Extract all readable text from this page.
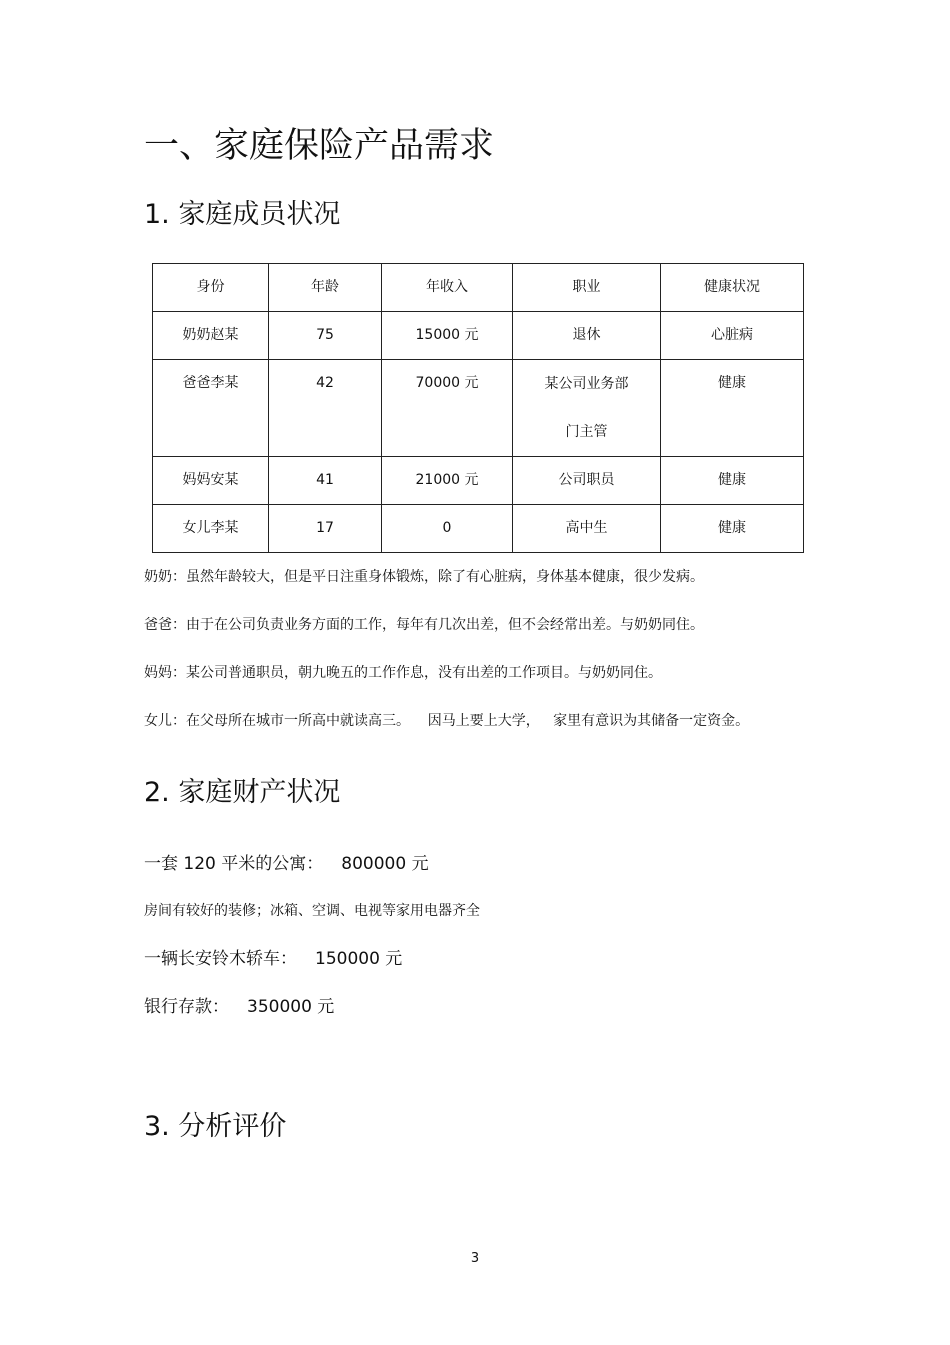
一、家庭保险产品需求
1. 家庭成员状况
身份	年龄	年收入	职业	健康状况
奶奶赵某	75	15000 元	退休	心脏病
爸爸李某	42	70000 元	某公司业务部门主管	健康
妈妈安某	41	21000 元	公司职员	健康
女儿李某	17	0	高中生	健康
奶奶：虽然年龄较大，但是平日注重身体锻炼，除了有心脏病，身体基本健康，很少发病。
爸爸：由于在公司负责业务方面的工作，每年有几次出差，但不会经常出差。与奶奶同住。
妈妈：某公司普通职员，朝九晚五的工作作息，没有出差的工作项目。与奶奶同住。
女儿：在父母所在城市一所高中就读高三。    因马上要上大学，   家里有意识为其储备一定资金。
2. 家庭财产状况
一套 120 平米的公寓： 800000 元
房间有较好的装修；冰箱、空调、电视等家用电器齐全
一辆长安铃木轿车： 150000 元
银行存款： 350000 元
3. 分析评价
3
